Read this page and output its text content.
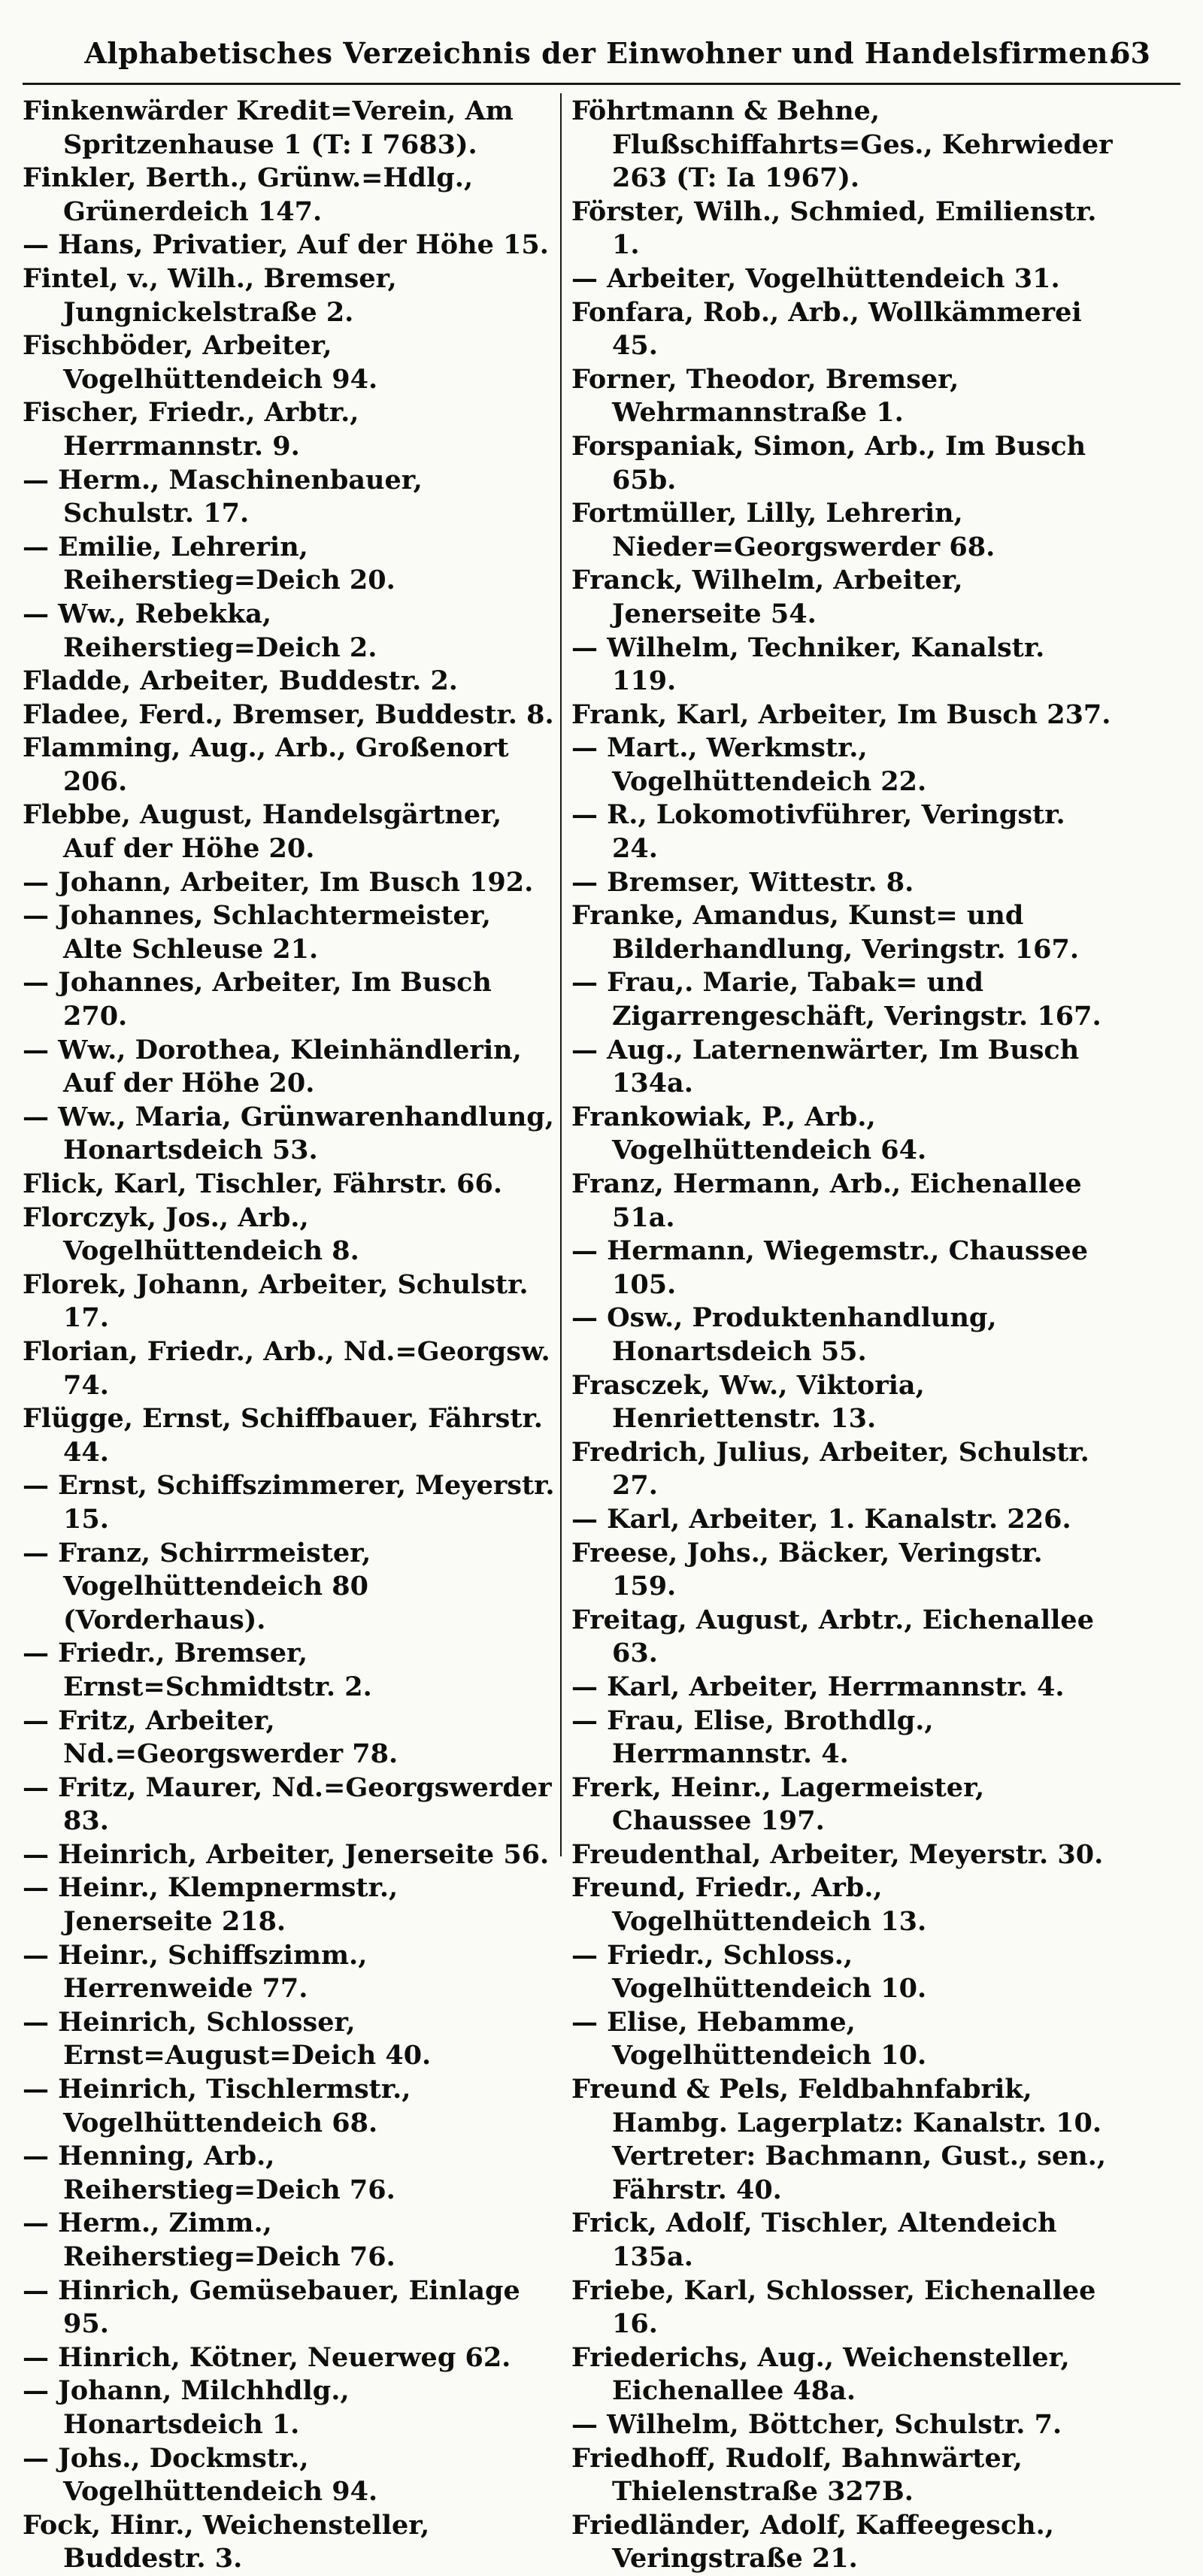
Alphabetisches Verzeichnis der Einwohner und Handelsfirmen.
63
Finkenwärder Kredit=Verein, Am Spritzenhause 1 (T: I 7683).
Finkler, Berth., Grünw.=Hdlg., Grünerdeich 147.
— Hans, Privatier, Auf der Höhe 15.
Fintel, v., Wilh., Bremser, Jungnickelstraße 2.
Fischböder, Arbeiter, Vogelhüttendeich 94.
Fischer, Friedr., Arbtr., Herrmannstr. 9.
— Herm., Maschinenbauer, Schulstr. 17.
— Emilie, Lehrerin, Reiherstieg=Deich 20.
— Ww., Rebekka, Reiherstieg=Deich 2.
Fladde, Arbeiter, Buddestr. 2.
Fladee, Ferd., Bremser, Buddestr. 8.
Flamming, Aug., Arb., Großenort 206.
Flebbe, August, Handelsgärtner, Auf der Höhe 20.
— Johann, Arbeiter, Im Busch 192.
— Johannes, Schlachtermeister, Alte Schleuse 21.
— Johannes, Arbeiter, Im Busch 270.
— Ww., Dorothea, Kleinhändlerin, Auf der Höhe 20.
— Ww., Maria, Grünwarenhandlung, Honartsdeich 53.
Flick, Karl, Tischler, Fährstr. 66.
Florczyk, Jos., Arb., Vogelhüttendeich 8.
Florek, Johann, Arbeiter, Schulstr. 17.
Florian, Friedr., Arb., Nd.=Georgsw. 74.
Flügge, Ernst, Schiffbauer, Fährstr. 44.
— Ernst, Schiffszimmerer, Meyerstr. 15.
— Franz, Schirrmeister, Vogelhüttendeich 80 (Vorderhaus).
— Friedr., Bremser, Ernst=Schmidtstr. 2.
— Fritz, Arbeiter, Nd.=Georgswerder 78.
— Fritz, Maurer, Nd.=Georgswerder 83.
— Heinrich, Arbeiter, Jenerseite 56.
— Heinr., Klempnermstr., Jenerseite 218.
— Heinr., Schiffszimm., Herrenweide 77.
— Heinrich, Schlosser, Ernst=August=Deich 40.
— Heinrich, Tischlermstr., Vogelhüttendeich 68.
— Henning, Arb., Reiherstieg=Deich 76.
— Herm., Zimm., Reiherstieg=Deich 76.
— Hinrich, Gemüsebauer, Einlage 95.
— Hinrich, Kötner, Neuerweg 62.
— Johann, Milchhdlg., Honartsdeich 1.
— Johs., Dockmstr., Vogelhüttendeich 94.
Fock, Hinr., Weichensteller, Buddestr. 3.
Föhrtmann & Behne, Flußschiffahrts=Ges., Kehrwieder 263 (T: Ia 1967).
Förster, Wilh., Schmied, Emilienstr. 1.
— Arbeiter, Vogelhüttendeich 31.
Fonfara, Rob., Arb., Wollkämmerei 45.
Forner, Theodor, Bremser, Wehrmannstraße 1.
Forspaniak, Simon, Arb., Im Busch 65b.
Fortmüller, Lilly, Lehrerin, Nieder=Georgswerder 68.
Franck, Wilhelm, Arbeiter, Jenerseite 54.
— Wilhelm, Techniker, Kanalstr. 119.
Frank, Karl, Arbeiter, Im Busch 237.
— Mart., Werkmstr., Vogelhüttendeich 22.
— R., Lokomotivführer, Veringstr. 24.
— Bremser, Wittestr. 8.
Franke, Amandus, Kunst= und Bilderhandlung, Veringstr. 167.
— Frau,. Marie, Tabak= und Zigarrengeschäft, Veringstr. 167.
— Aug., Laternenwärter, Im Busch 134a.
Frankowiak, P., Arb., Vogelhüttendeich 64.
Franz, Hermann, Arb., Eichenallee 51a.
— Hermann, Wiegemstr., Chaussee 105.
— Osw., Produktenhandlung, Honartsdeich 55.
Frasczek, Ww., Viktoria, Henriettenstr. 13.
Fredrich, Julius, Arbeiter, Schulstr. 27.
— Karl, Arbeiter, 1. Kanalstr. 226.
Freese, Johs., Bäcker, Veringstr. 159.
Freitag, August, Arbtr., Eichenallee 63.
— Karl, Arbeiter, Herrmannstr. 4.
— Frau, Elise, Brothdlg., Herrmannstr. 4.
Frerk, Heinr., Lagermeister, Chaussee 197.
Freudenthal, Arbeiter, Meyerstr. 30.
Freund, Friedr., Arb., Vogelhüttendeich 13.
— Friedr., Schloss., Vogelhüttendeich 10.
— Elise, Hebamme, Vogelhüttendeich 10.
Freund & Pels, Feldbahnfabrik, Hambg. Lagerplatz: Kanalstr. 10. Vertreter: Bachmann, Gust., sen., Fährstr. 40.
Frick, Adolf, Tischler, Altendeich 135a.
Friebe, Karl, Schlosser, Eichenallee 16.
Friederichs, Aug., Weichensteller, Eichenallee 48a.
— Wilhelm, Böttcher, Schulstr. 7.
Friedhoff, Rudolf, Bahnwärter, Thielenstraße 327B.
Friedländer, Adolf, Kaffeegesch., Veringstraße 21.
